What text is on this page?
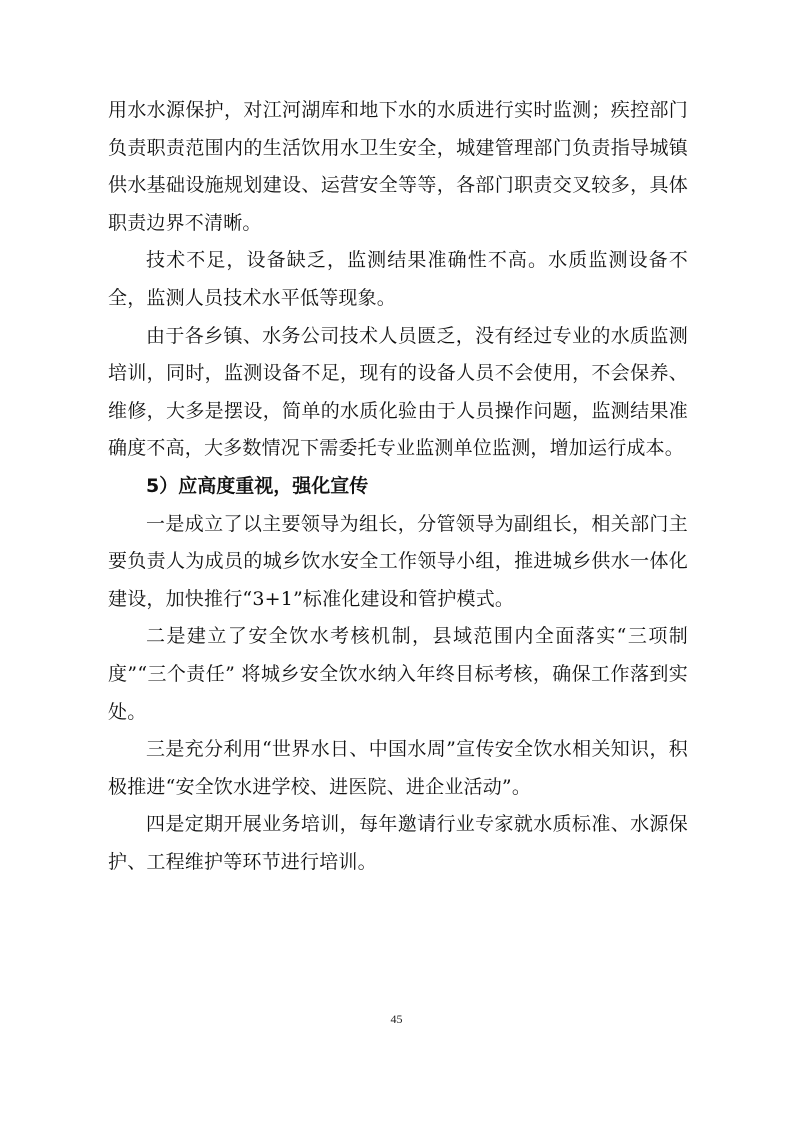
用水水源保护，对江河湖库和地下水的水质进行实时监测；疾控部门负责职责范围内的生活饮用水卫生安全，城建管理部门负责指导城镇供水基础设施规划建设、运营安全等等，各部门职责交叉较多，具体职责边界不清晰。

技术不足，设备缺乏，监测结果准确性不高。水质监测设备不全，监测人员技术水平低等现象。

由于各乡镇、水务公司技术人员匮乏，没有经过专业的水质监测培训，同时，监测设备不足，现有的设备人员不会使用，不会保养、维修，大多是摆设，简单的水质化验由于人员操作问题，监测结果准确度不高，大多数情况下需委托专业监测单位监测，增加运行成本。

5）应高度重视，强化宣传

一是成立了以主要领导为组长，分管领导为副组长，相关部门主要负责人为成员的城乡饮水安全工作领导小组，推进城乡供水一体化建设，加快推行“3+1”标准化建设和管护模式。

二是建立了安全饮水考核机制，县域范围内全面落实“三项制度”“三个责任” 将城乡安全饮水纳入年终目标考核，确保工作落到实处。

三是充分利用“世界水日、中国水周”宣传安全饮水相关知识，积极推进“安全饮水进学校、进医院、进企业活动”。

四是定期开展业务培训，每年邀请行业专家就水质标准、水源保护、工程维护等环节进行培训。

45
